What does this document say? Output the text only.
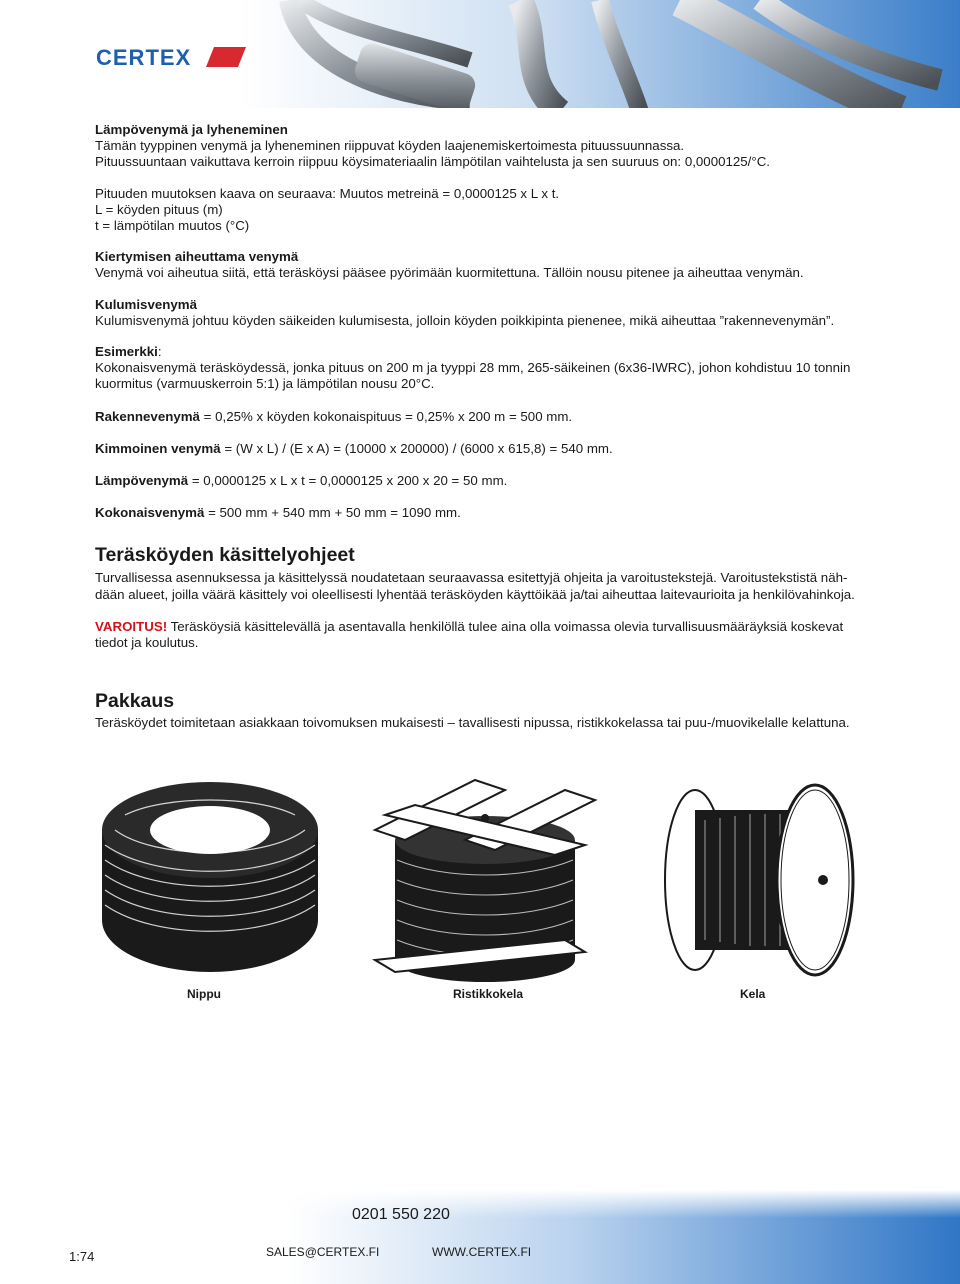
CERTEX

Lämpövenymä ja lyheneminen

Tämän tyyppinen venymä ja lyheneminen riippuvat köyden laajenemiskertoimesta pituussuunnassa.

Pituussuuntaan vaikuttava kerroin riippuu köysimateriaalin lämpötilan vaihtelusta ja sen suuruus on: 0,0000125/°C.

Pituuden muutoksen kaava on seuraava: Muutos metreinä = 0,0000125 x L x t.

L = köyden pituus (m)

t = lämpötilan muutos (°C)

Kiertymisen aiheuttama venymä

Venymä voi aiheutua siitä, että teräsköysi pääsee pyörimään kuormitettuna. Tällöin nousu pitenee ja aiheuttaa venymän.

Kulumisvenymä

Kulumisvenymä johtuu köyden säikeiden kulumisesta, jolloin köyden poikkipinta pienenee, mikä aiheuttaa ”rakennevenymän”.

Esimerkki:

Kokonaisvenymä teräsköydessä, jonka pituus on 200 m ja tyyppi 28 mm, 265-säikeinen (6x36-IWRC), johon kohdistuu 10 tonnin

kuormitus (varmuuskerroin 5:1) ja lämpötilan nousu 20°C.

Rakennevenymä = 0,25% x köyden kokonaispituus = 0,25% x 200 m = 500 mm.

Kimmoinen venymä = (W x L) / (E x A) = (10000 x 200000) / (6000 x 615,8) = 540 mm.

Lämpövenymä = 0,0000125 x L x t = 0,0000125 x 200 x 20 = 50 mm.

Kokonaisvenymä = 500 mm + 540 mm + 50 mm = 1090 mm.

Teräsköyden käsittelyohjeet

Turvallisessa asennuksessa ja käsittelyssä noudatetaan seuraavassa esitettyjä ohjeita ja varoitustekstejä. Varoitustekstistä näh-

dään alueet, joilla väärä käsittely voi oleellisesti lyhentää teräsköyden käyttöikää ja/tai aiheuttaa laitevaurioita ja henkilövahinkoja.

VAROITUS! Teräsköysiä käsittelevällä ja asentavalla henkilöllä tulee aina olla voimassa olevia turvallisuusmääräyksiä koskevat

tiedot ja koulutus.

Pakkaus

Teräsköydet toimitetaan asiakkaan toivomuksen mukaisesti – tavallisesti nipussa, ristikkokelassa tai puu-/muovikelalle kelattuna.

Nippu	Ristikkokela	Kela
0201 550 220
1:74	SALES@CERTEX.FI	WWW.CERTEX.FI
